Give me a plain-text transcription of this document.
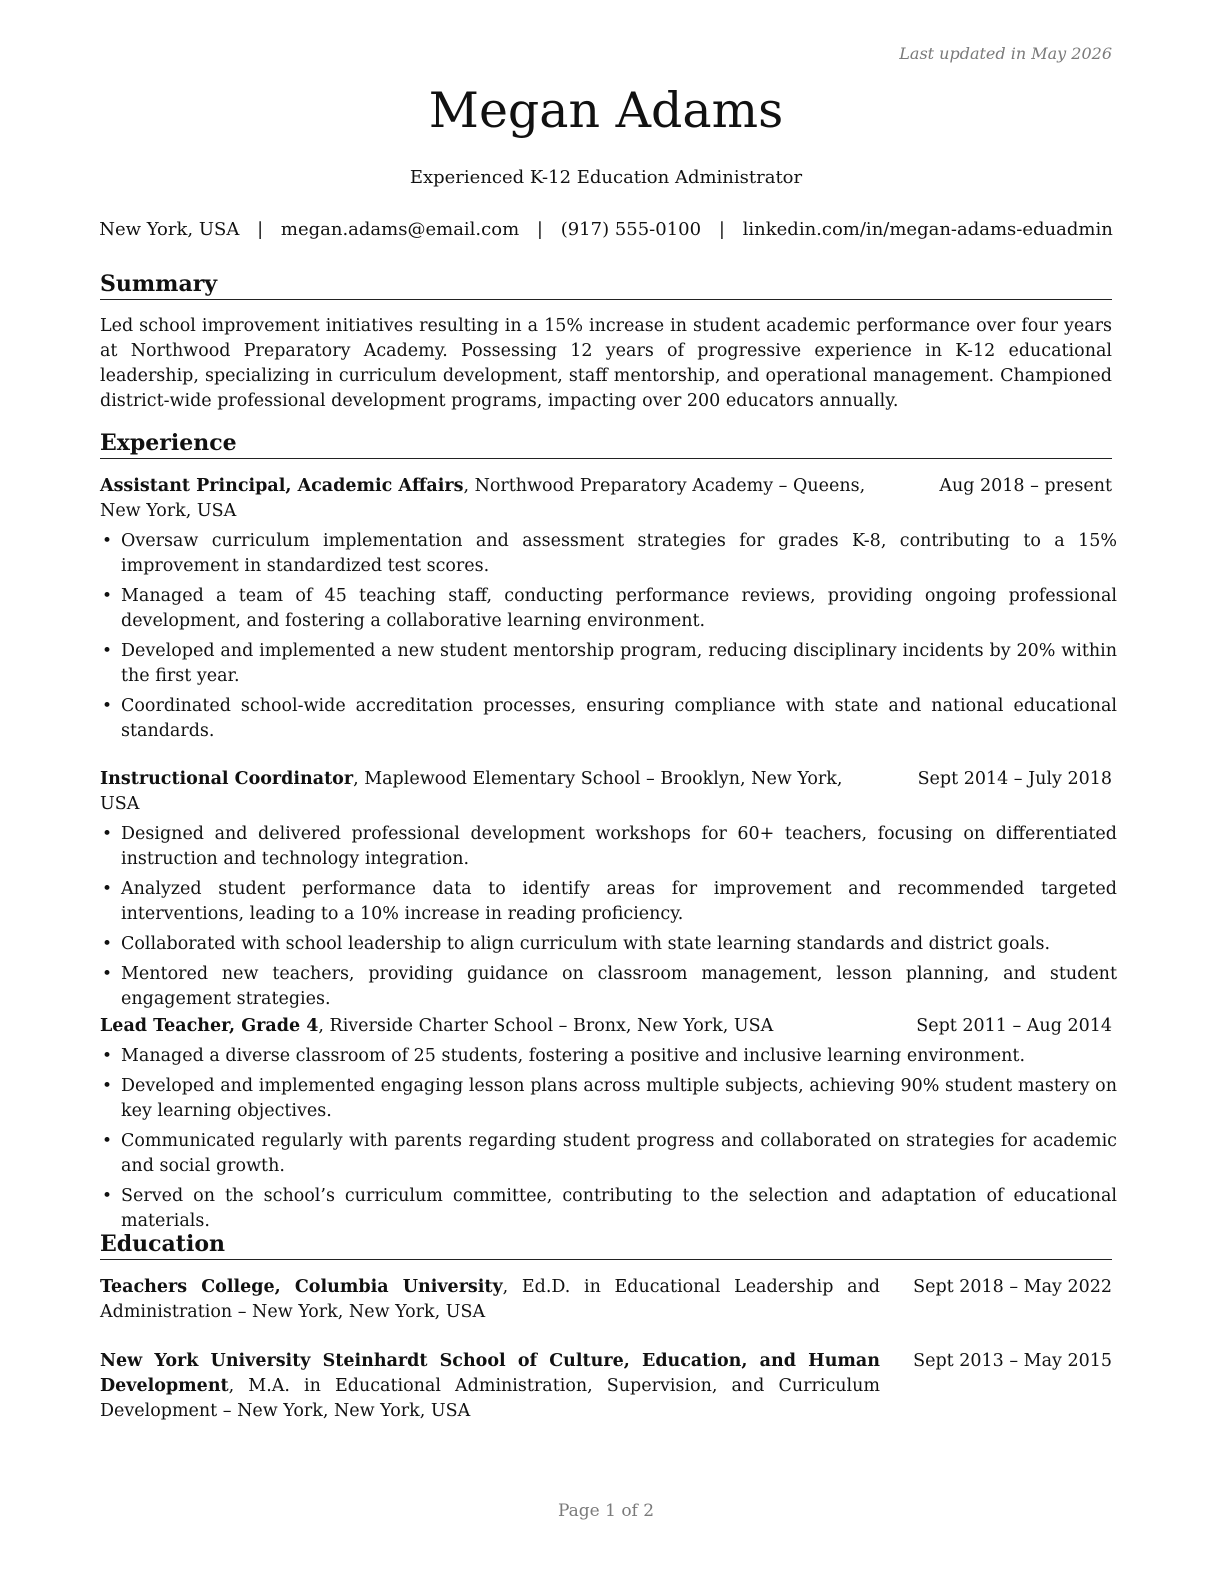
Last updated in May 2026
Megan Adams
Experienced K-12 Education Administrator
New York, USA | megan.adams@email.com | (917) 555-0100 | linkedin.com/in/megan-adams-eduadmin
Summary
Led school improvement initiatives resulting in a 15% increase in student academic performance over four years at Northwood Preparatory Academy. Possessing 12 years of progressive experience in K-12 educational leadership, specializing in curriculum development, staff mentorship, and operational management. Championed district-wide professional development programs, impacting over 200 educators annually.
Experience
Assistant Principal, Academic Affairs, Northwood Preparatory Academy – Queens, New York, USA
Aug 2018 – present
• Oversaw curriculum implementation and assessment strategies for grades K-8, contributing to a 15% improvement in standardized test scores.
• Managed a team of 45 teaching staff, conducting performance reviews, providing ongoing professional development, and fostering a collaborative learning environment.
• Developed and implemented a new student mentorship program, reducing disciplinary incidents by 20% within the first year.
• Coordinated school-wide accreditation processes, ensuring compliance with state and national educational standards.
Instructional Coordinator, Maplewood Elementary School – Brooklyn, New York, USA
Sept 2014 – July 2018
• Designed and delivered professional development workshops for 60+ teachers, focusing on differentiated instruction and technology integration.
• Analyzed student performance data to identify areas for improvement and recommended targeted interventions, leading to a 10% increase in reading proficiency.
• Collaborated with school leadership to align curriculum with state learning standards and district goals.
• Mentored new teachers, providing guidance on classroom management, lesson planning, and student engagement strategies.
Lead Teacher, Grade 4, Riverside Charter School – Bronx, New York, USA	Sept 2011 – Aug 2014
• Managed a diverse classroom of 25 students, fostering a positive and inclusive learning environment.
• Developed and implemented engaging lesson plans across multiple subjects, achieving 90% student mastery on key learning objectives.
• Communicated regularly with parents regarding student progress and collaborated on strategies for academic and social growth.
• Served on the school’s curriculum committee, contributing to the selection and adaptation of educational materials.
Education
Teachers College, Columbia University, Ed.D. in Educational Leadership and Administration – New York, New York, USA
Sept 2018 – May 2022
New York University Steinhardt School of Culture, Education, and Human Development, M.A. in Educational Administration, Supervision, and Curriculum Development – New York, New York, USA
Sept 2013 – May 2015
Page 1 of 2
